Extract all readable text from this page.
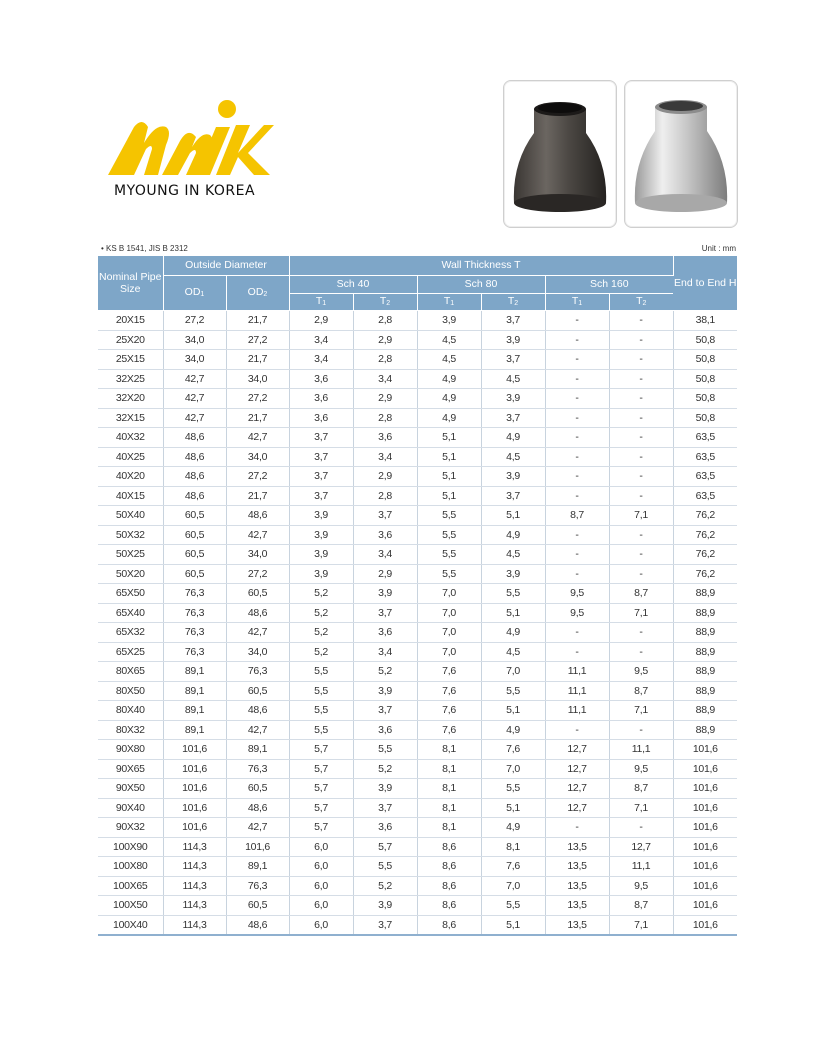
MYOUNG IN KOREA
• KS B 1541, JIS B 2312	Unit : mm
Nominal Pipe Size	Outside Diameter		Wall Thickness T						End to End H
	$OD_1$	$OD_2$	Sch 40		Sch 80		Sch 160		
			$T_1$	$T_2$	$T_1$	$T_2$	$T_1$	$T_2$
20X15	27,2	21,7	2,9	2,8	3,9	3,7	-	-	38,1
25X20	34,0	27,2	3,4	2,9	4,5	3,9	-	-	50,8
25X15	34,0	21,7	3,4	2,8	4,5	3,7	-	-	50,8
32X25	42,7	34,0	3,6	3,4	4,9	4,5	-	-	50,8
32X20	42,7	27,2	3,6	2,9	4,9	3,9	-	-	50,8
32X15	42,7	21,7	3,6	2,8	4,9	3,7	-	-	50,8
40X32	48,6	42,7	3,7	3,6	5,1	4,9	-	-	63,5
40X25	48,6	34,0	3,7	3,4	5,1	4,5	-	-	63,5
40X20	48,6	27,2	3,7	2,9	5,1	3,9	-	-	63,5
40X15	48,6	21,7	3,7	2,8	5,1	3,7	-	-	63,5
50X40	60,5	48,6	3,9	3,7	5,5	5,1	8,7	7,1	76,2
50X32	60,5	42,7	3,9	3,6	5,5	4,9	-	-	76,2
50X25	60,5	34,0	3,9	3,4	5,5	4,5	-	-	76,2
50X20	60,5	27,2	3,9	2,9	5,5	3,9	-	-	76,2
65X50	76,3	60,5	5,2	3,9	7,0	5,5	9,5	8,7	88,9
65X40	76,3	48,6	5,2	3,7	7,0	5,1	9,5	7,1	88,9
65X32	76,3	42,7	5,2	3,6	7,0	4,9	-	-	88,9
65X25	76,3	34,0	5,2	3,4	7,0	4,5	-	-	88,9
80X65	89,1	76,3	5,5	5,2	7,6	7,0	11,1	9,5	88,9
80X50	89,1	60,5	5,5	3,9	7,6	5,5	11,1	8,7	88,9
80X40	89,1	48,6	5,5	3,7	7,6	5,1	11,1	7,1	88,9
80X32	89,1	42,7	5,5	3,6	7,6	4,9	-	-	88,9
90X80	101,6	89,1	5,7	5,5	8,1	7,6	12,7	11,1	101,6
90X65	101,6	76,3	5,7	5,2	8,1	7,0	12,7	9,5	101,6
90X50	101,6	60,5	5,7	3,9	8,1	5,5	12,7	8,7	101,6
90X40	101,6	48,6	5,7	3,7	8,1	5,1	12,7	7,1	101,6
90X32	101,6	42,7	5,7	3,6	8,1	4,9	-	-	101,6
100X90	114,3	101,6	6,0	5,7	8,6	8,1	13,5	12,7	101,6
100X80	114,3	89,1	6,0	5,5	8,6	7,6	13,5	11,1	101,6
100X65	114,3	76,3	6,0	5,2	8,6	7,0	13,5	9,5	101,6
100X50	114,3	60,5	6,0	3,9	8,6	5,5	13,5	8,7	101,6
100X40	114,3	48,6	6,0	3,7	8,6	5,1	13,5	7,1	101,6
